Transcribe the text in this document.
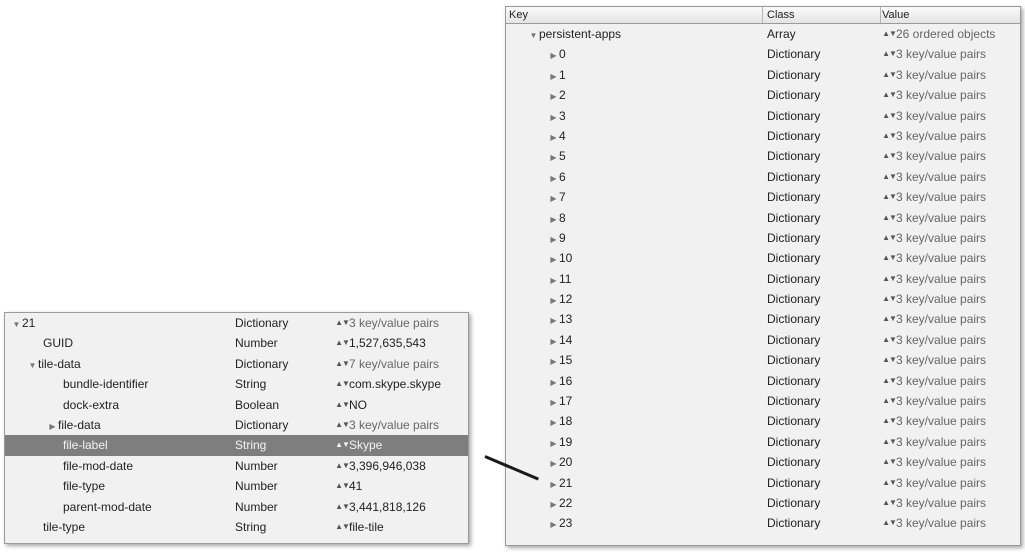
Key	Class	Value
▼ persistent-apps	Array	▲▼ 26 ordered objects
▶ 0	Dictionary	▲▼ 3 key/value pairs
▶ 1	Dictionary	▲▼ 3 key/value pairs
▶ 2	Dictionary	▲▼ 3 key/value pairs
▶ 3	Dictionary	▲▼ 3 key/value pairs
▶ 4	Dictionary	▲▼ 3 key/value pairs
▶ 5	Dictionary	▲▼ 3 key/value pairs
▶ 6	Dictionary	▲▼ 3 key/value pairs
▶ 7	Dictionary	▲▼ 3 key/value pairs
▶ 8	Dictionary	▲▼ 3 key/value pairs
▶ 9	Dictionary	▲▼ 3 key/value pairs
▶ 10	Dictionary	▲▼ 3 key/value pairs
▶ 11	Dictionary	▲▼ 3 key/value pairs
▶ 12	Dictionary	▲▼ 3 key/value pairs
▶ 13	Dictionary	▲▼ 3 key/value pairs
▶ 14	Dictionary	▲▼ 3 key/value pairs
▶ 15	Dictionary	▲▼ 3 key/value pairs
▶ 16	Dictionary	▲▼ 3 key/value pairs
▶ 17	Dictionary	▲▼ 3 key/value pairs
▶ 18	Dictionary	▲▼ 3 key/value pairs
▶ 19	Dictionary	▲▼ 3 key/value pairs
▶ 20	Dictionary	▲▼ 3 key/value pairs
▶ 21	Dictionary	▲▼ 3 key/value pairs
▶ 22	Dictionary	▲▼ 3 key/value pairs
▶ 23	Dictionary	▲▼ 3 key/value pairs
▼ 21	Dictionary	▲▼ 3 key/value pairs
GUID	Number	▲▼ 1,527,635,543
▼ tile-data	Dictionary	▲▼ 7 key/value pairs
bundle-identifier	String	▲▼ com.skype.skype
dock-extra	Boolean	▲▼ NO
▶ file-data	Dictionary	▲▼ 3 key/value pairs
file-label	String	▲▼ Skype
file-mod-date	Number	▲▼ 3,396,946,038
file-type	Number	▲▼ 41
parent-mod-date	Number	▲▼ 3,441,818,126
tile-type	String	▲▼ file-tile
